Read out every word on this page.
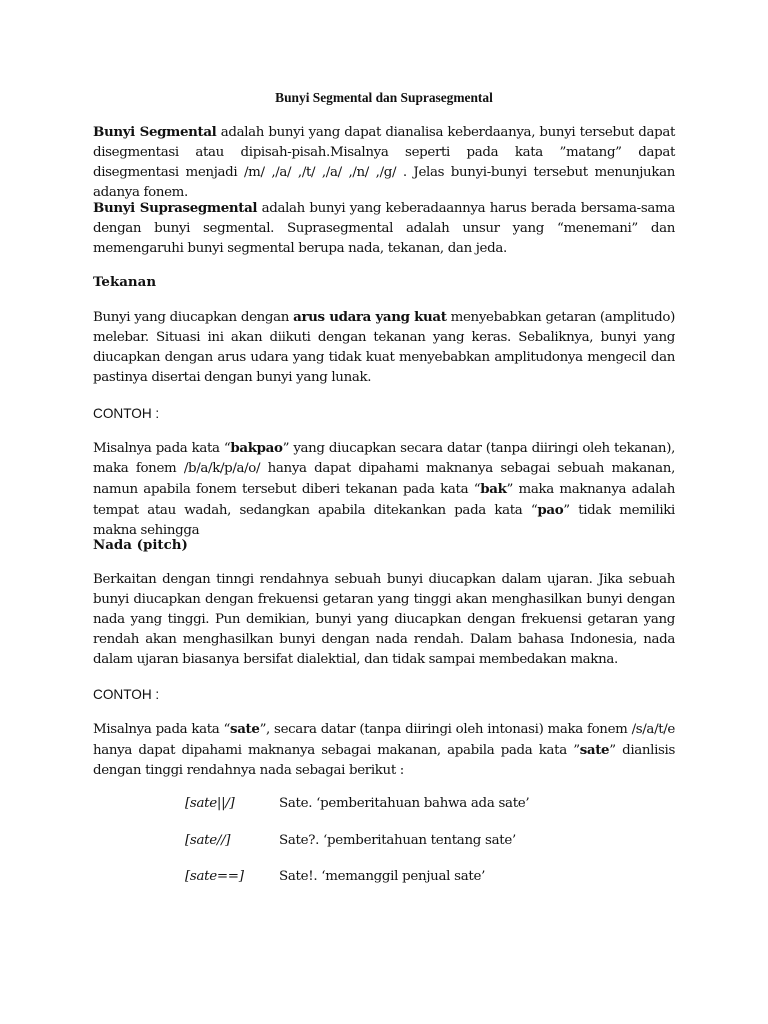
Bunyi Segmental dan Suprasegmental
Bunyi Segmental adalah bunyi yang dapat dianalisa keberdaanya, bunyi tersebut dapat disegmentasi atau dipisah-pisah.Misalnya seperti pada kata ”matang” dapat disegmentasi menjadi /m/ ,/a/ ,/t/ ,/a/ ,/n/ ,/g/ . Jelas bunyi-bunyi tersebut menunjukan adanya fonem.
Bunyi Suprasegmental adalah bunyi yang keberadaannya harus berada bersama-sama dengan bunyi segmental. Suprasegmental adalah unsur yang “menemani” dan memengaruhi bunyi segmental berupa nada, tekanan, dan jeda.
Tekanan
Bunyi yang diucapkan dengan arus udara yang kuat menyebabkan getaran (amplitudo) melebar. Situasi ini akan diikuti dengan tekanan yang keras. Sebaliknya, bunyi yang diucapkan dengan arus udara yang tidak kuat menyebabkan amplitudonya mengecil dan pastinya disertai dengan bunyi yang lunak.
CONTOH :
Misalnya pada kata “bakpao” yang diucapkan secara datar (tanpa diiringi oleh tekanan), maka fonem /b/a/k/p/a/o/ hanya dapat dipahami maknanya sebagai sebuah makanan, namun apabila fonem tersebut diberi tekanan pada kata “bak” maka maknanya adalah tempat atau wadah, sedangkan apabila ditekankan pada kata “pao” tidak memiliki makna sehingga
Nada (pitch)
Berkaitan dengan tinngi rendahnya sebuah bunyi diucapkan dalam ujaran. Jika sebuah bunyi diucapkan dengan frekuensi getaran yang tinggi akan menghasilkan bunyi dengan nada yang tinggi. Pun demikian, bunyi yang diucapkan dengan frekuensi getaran yang rendah akan menghasilkan bunyi dengan nada rendah. Dalam bahasa Indonesia, nada dalam ujaran biasanya bersifat dialektial, dan tidak sampai membedakan makna.
CONTOH :
Misalnya pada kata “sate”, secara datar (tanpa diiringi oleh intonasi) maka fonem /s/a/t/e hanya dapat dipahami maknanya sebagai makanan, apabila pada kata ”sate” dianlisis dengan tinggi rendahnya nada sebagai berikut :
[sate||/]	Sate. ‘pemberitahuan bahwa ada sate’
[sate//]	Sate?. ‘pemberitahuan tentang sate’
[sate==]	Sate!. ‘memanggil penjual sate’
